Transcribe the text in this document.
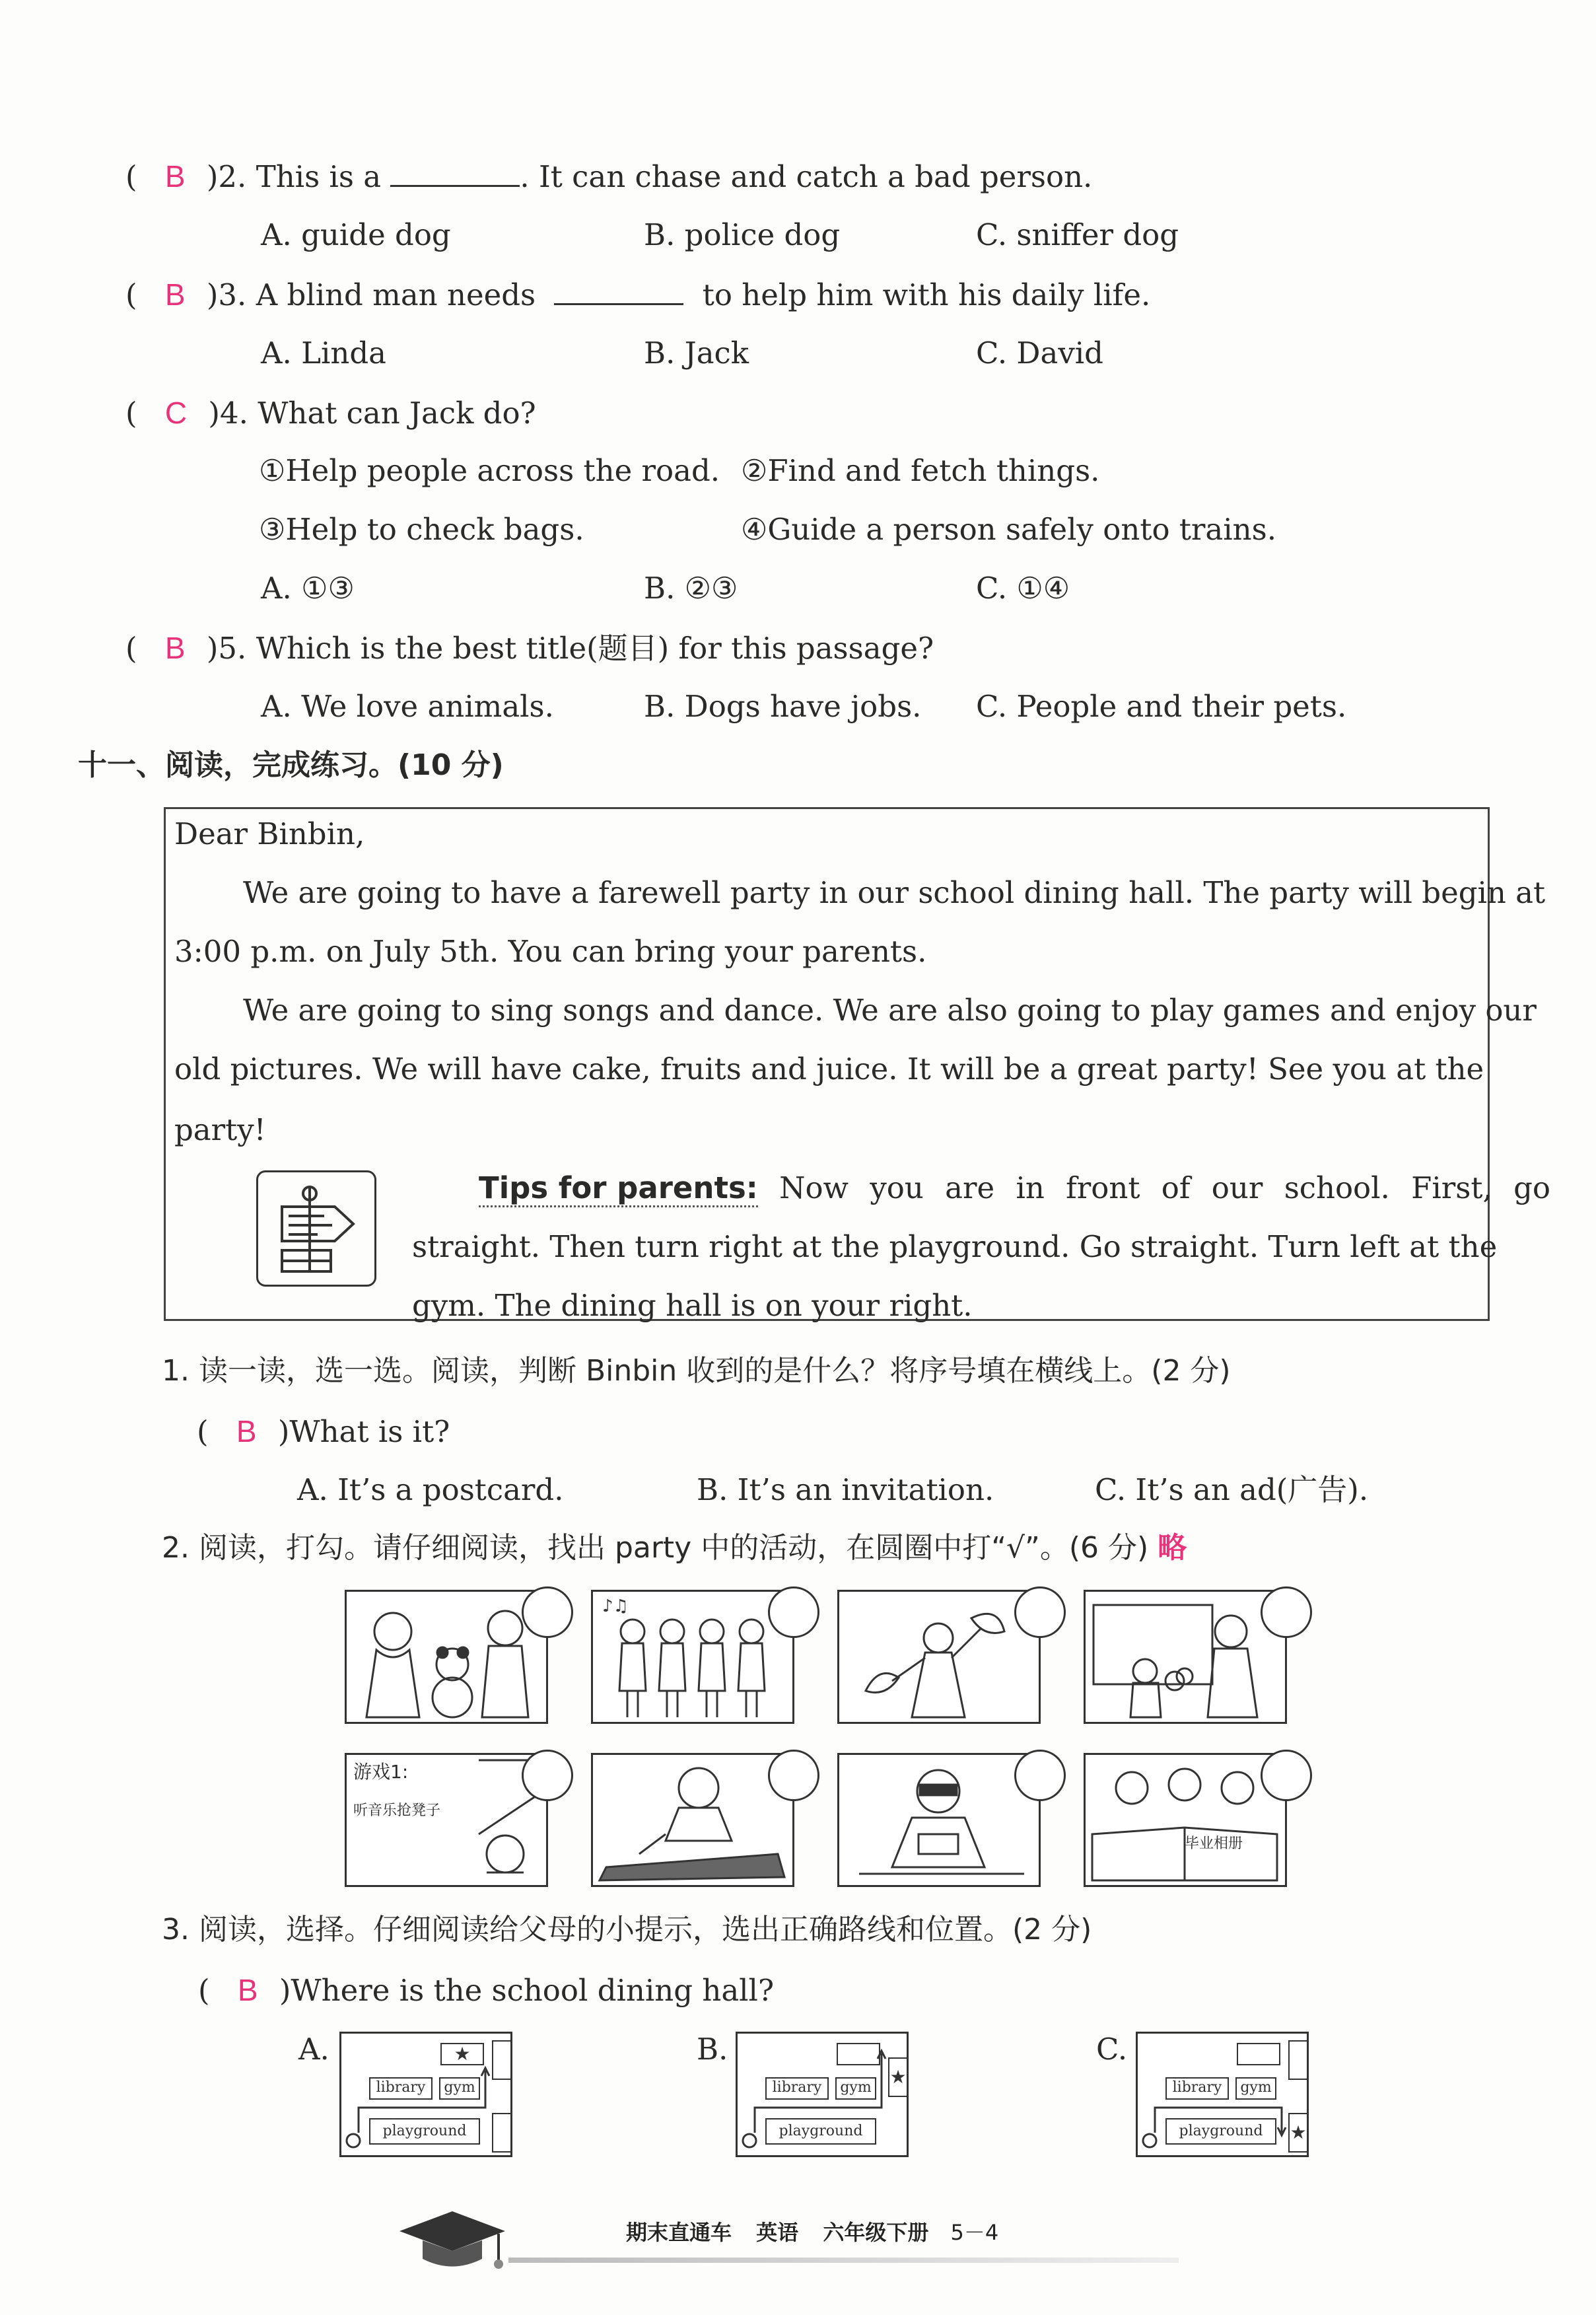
( B )2. This is a	. It can chase and catch a bad person.
A. guide dog	B. police dog	C. sniffer dog
( B )3. A blind man needs	to help him with his daily life.
A. Linda	B. Jack	C. David
( C )4. What can Jack do?
①Help people across the road. ②Find and fetch things.
③Help to check bags.	④Guide a person safely onto trains.
A. ①③	B. ②③	C. ①④
( B )5. Which is the best title(题目) for this passage?
A. We love animals.	B. Dogs have jobs. C. People and their pets.
十一、阅读，完成练习。(10 分)
Dear Binbin,
We are going to have a farewell party in our school dining hall. The party will begin at
3:00 p.m. on July 5th. You can bring your parents.
We are going to sing songs and dance. We are also going to play games and enjoy our
old pictures. We will have cake, fruits and juice. It will be a great party! See you at the
party!
Tips for parents: Now you are in front of our school. First, go
straight. Then turn right at the playground. Go straight. Turn left at the
gym. The dining hall is on your right.
1. 读一读，选一选。阅读，判断 Binbin 收到的是什么？将序号填在横线上。(2 分)
( B )What is it?
A. It’s a postcard.	B. It’s an invitation.	C. It’s an ad(广告).
2. 阅读，打勾。请仔细阅读，找出 party 中的活动，在圆圈中打“√”。(6 分) 略
♪♫
游戏1:
听音乐抢凳子
毕业相册
3. 阅读，选择。仔细阅读给父母的小提示，选出正确路线和位置。(2 分)
( B )Where is the school dining hall?
A.	★
library	gym
playground
B.
library	gym
playground
★
C.
library	gym
playground	★
期末直通车 英语 六年级下册 5－4
